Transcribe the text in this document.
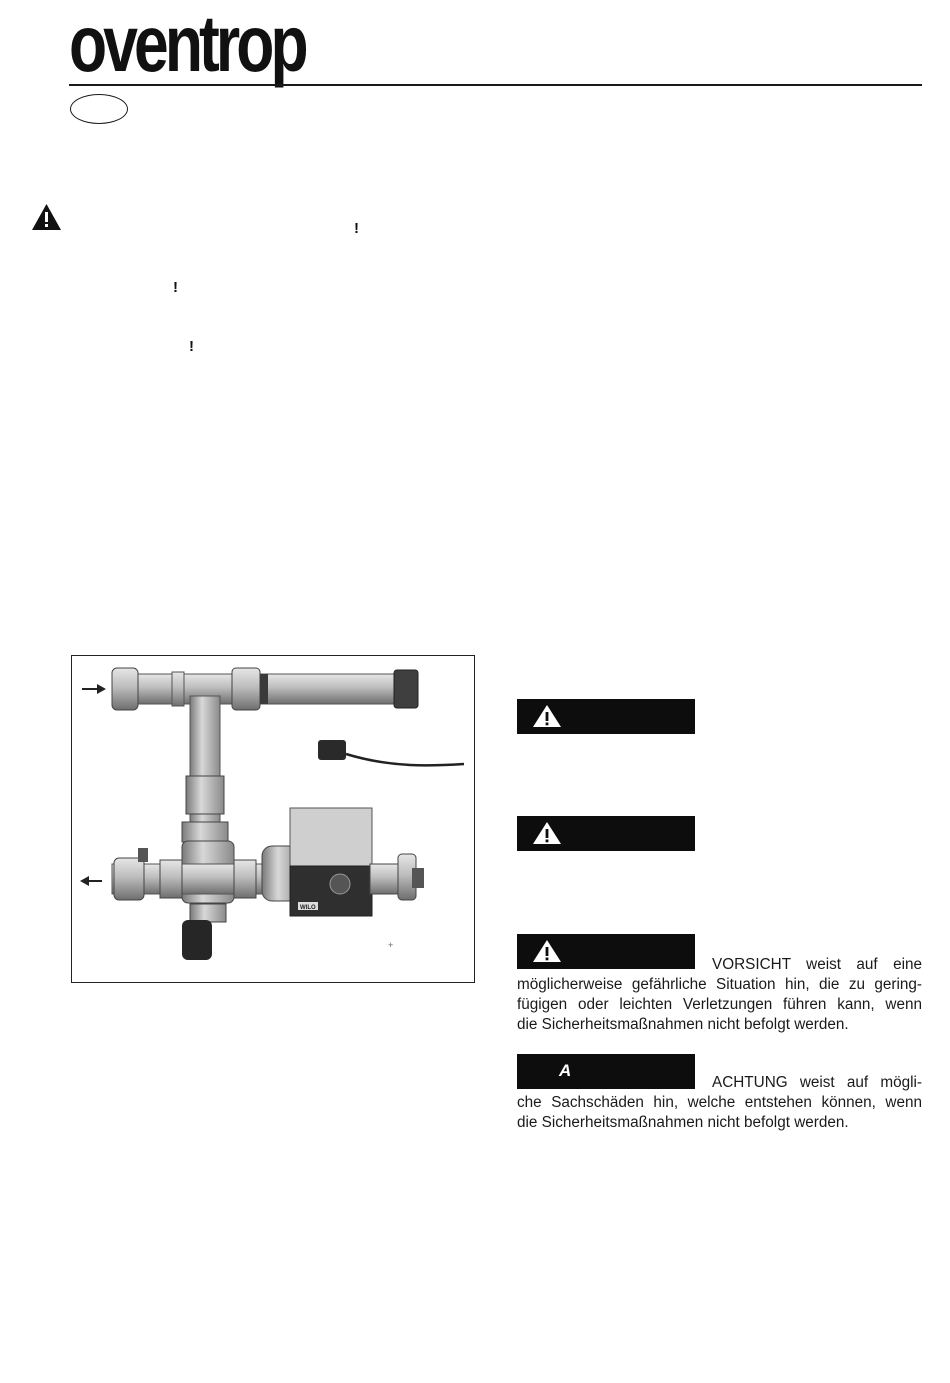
oventrop
!
!
!
WILO
+
VORSICHT weist auf eine
möglicherweise gefährliche Situation hin, die zu gering-
fügigen oder leichten Verletzungen führen kann, wenn
die Sicherheitsmaßnahmen nicht befolgt werden.
A
ACHTUNG weist auf mögli-
che Sachschäden hin, welche entstehen können, wenn
die Sicherheitsmaßnahmen nicht befolgt werden.
